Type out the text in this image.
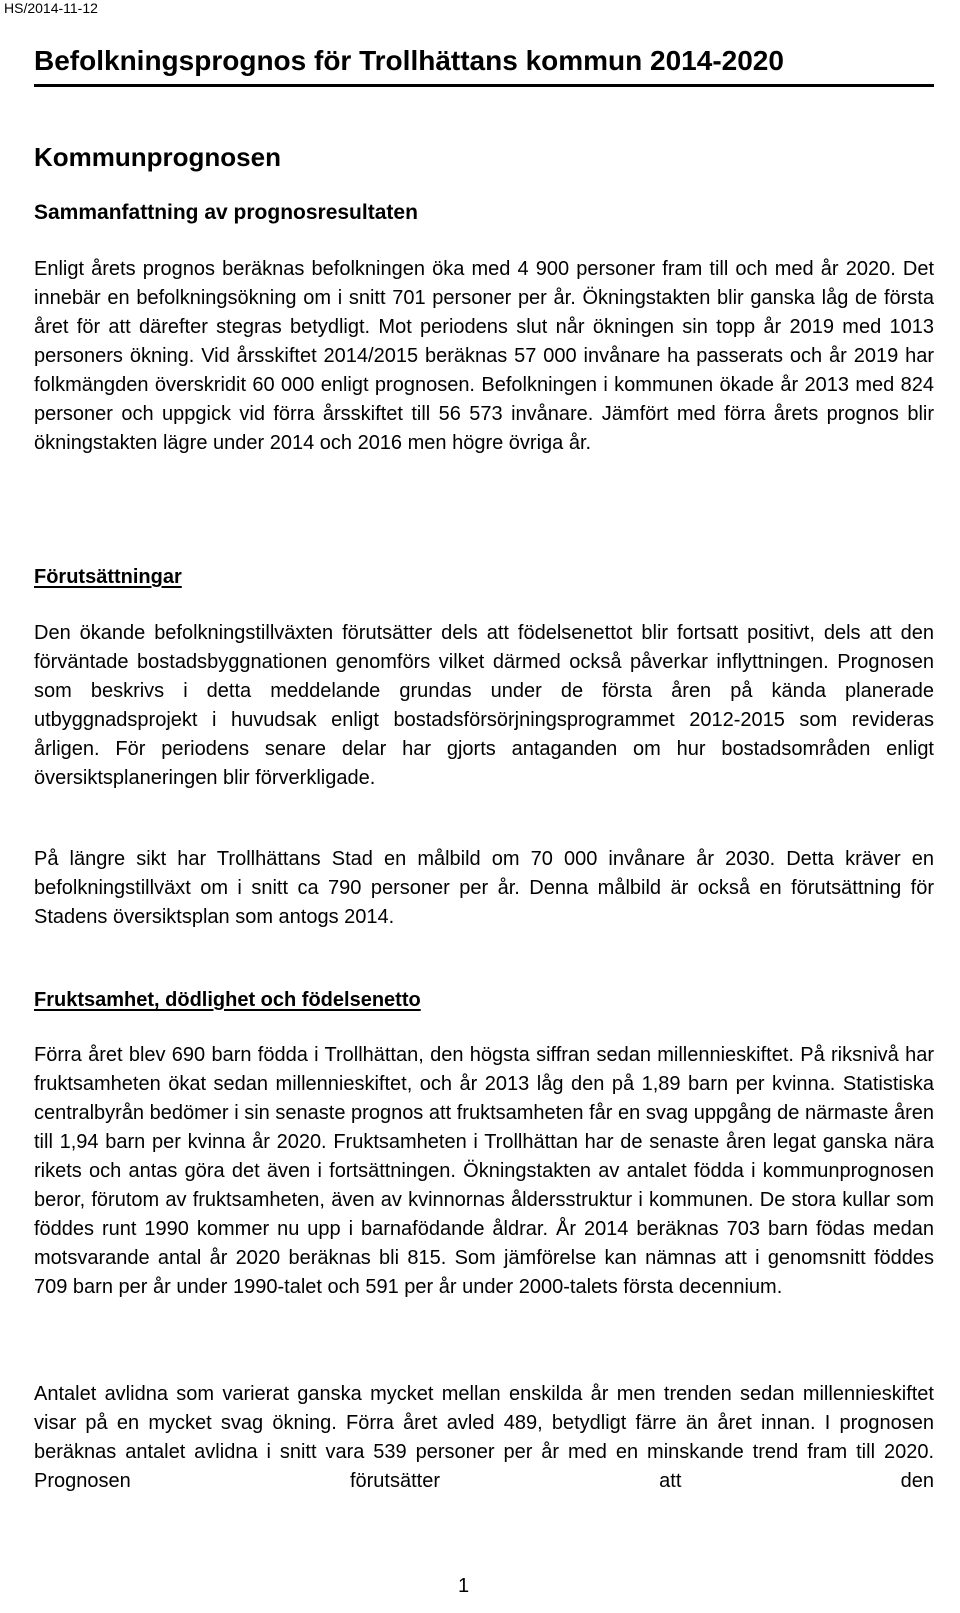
HS/2014-11-12
Befolkningsprognos för Trollhättans kommun 2014-2020
Kommunprognosen
Sammanfattning av prognosresultaten

Enligt årets prognos beräknas befolkningen öka med 4 900 personer fram till och med år 2020. Det innebär en befolkningsökning om i snitt 701 personer per år. Ökningstakten blir ganska låg de första året för att därefter stegras betydligt. Mot periodens slut når ökningen sin topp år 2019 med 1013 personers ökning. Vid årsskiftet 2014/2015 beräknas 57 000 invånare ha passerats och år 2019 har folkmängden överskridit 60 000 enligt prognosen. Befolkningen i kommunen ökade år 2013 med 824 personer och uppgick vid förra årsskiftet till 56 573 invånare. Jämfört med förra årets prognos blir ökningstakten lägre under 2014 och 2016 men högre övriga år.

Förutsättningar

Den ökande befolkningstillväxten förutsätter dels att födelsenettot blir fortsatt positivt, dels att den förväntade bostadsbyggnationen genomförs vilket därmed också påverkar inflyttningen. Prognosen som beskrivs i detta meddelande grundas under de första åren på kända planerade utbyggnadsprojekt i huvudsak enligt bostadsförsörjningsprogrammet 2012-2015 som revideras årligen. För periodens senare delar har gjorts antaganden om hur bostadsområden enligt översiktsplaneringen blir förverkligade.

På längre sikt har Trollhättans Stad en målbild om 70 000 invånare år 2030. Detta kräver en befolkningstillväxt om i snitt ca 790 personer per år. Denna målbild är också en förutsättning för Stadens översiktsplan som antogs 2014.

Fruktsamhet, dödlighet och födelsenetto

Förra året blev 690 barn födda i Trollhättan, den högsta siffran sedan millennieskiftet. På riksnivå har fruktsamheten ökat sedan millennieskiftet, och år 2013 låg den på 1,89 barn per kvinna. Statistiska centralbyrån bedömer i sin senaste prognos att fruktsamheten får en svag uppgång de närmaste åren till 1,94 barn per kvinna år 2020. Fruktsamheten i Trollhättan har de senaste åren legat ganska nära rikets och antas göra det även i fortsättningen. Ökningstakten av antalet födda i kommunprognosen beror, förutom av fruktsamheten, även av kvinnornas åldersstruktur i kommunen. De stora kullar som föddes runt 1990 kommer nu upp i barnafödande åldrar. År 2014 beräknas 703 barn födas medan motsvarande antal år 2020 beräknas bli 815. Som jämförelse kan nämnas att i genomsnitt föddes 709 barn per år under 1990-talet och 591 per år under 2000-talets första decennium.

Antalet avlidna som varierat ganska mycket mellan enskilda år men trenden sedan millennieskiftet visar på en mycket svag ökning. Förra året avled 489, betydligt färre än året innan. I prognosen beräknas antalet avlidna i snitt vara 539 personer per år med en minskande trend fram till 2020. Prognosen förutsätter att den

1
